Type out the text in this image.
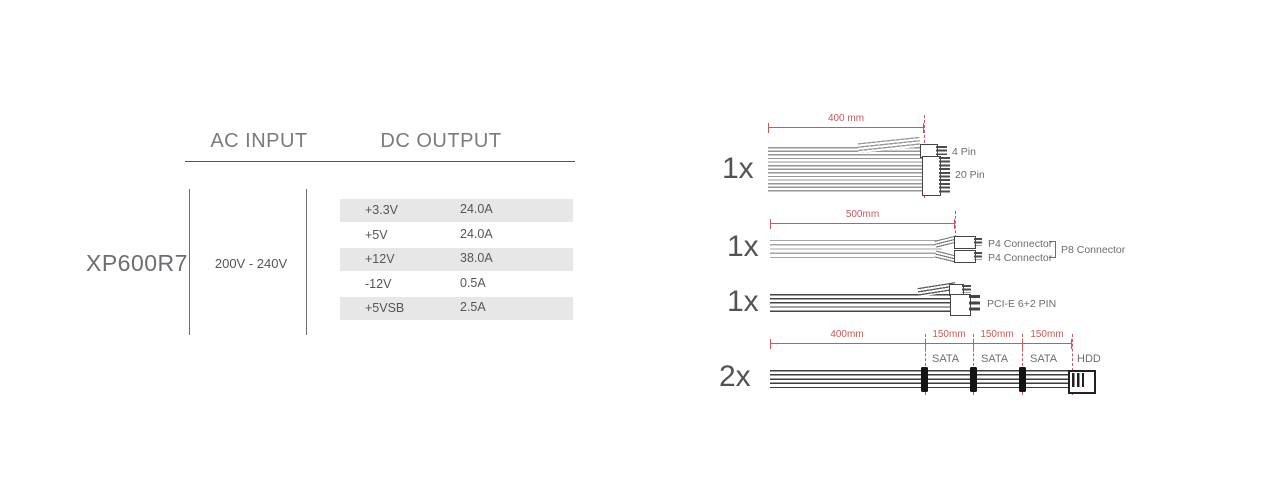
AC INPUT	DC OUTPUT
XP600R7	200V - 240V
+3.3V	24.0A
+5V	24.0A
+12V	38.0A
-12V	0.5A
+5VSB	2.5A
1x
400 mm
4 Pin
20 Pin
1x
500mm
P4 Connector
P4 Connector
P8 Connector
1x	PCI-E 6+2 PIN
2x
400mm	150mm	150mm	150mm
SATA SATA SATA HDD
